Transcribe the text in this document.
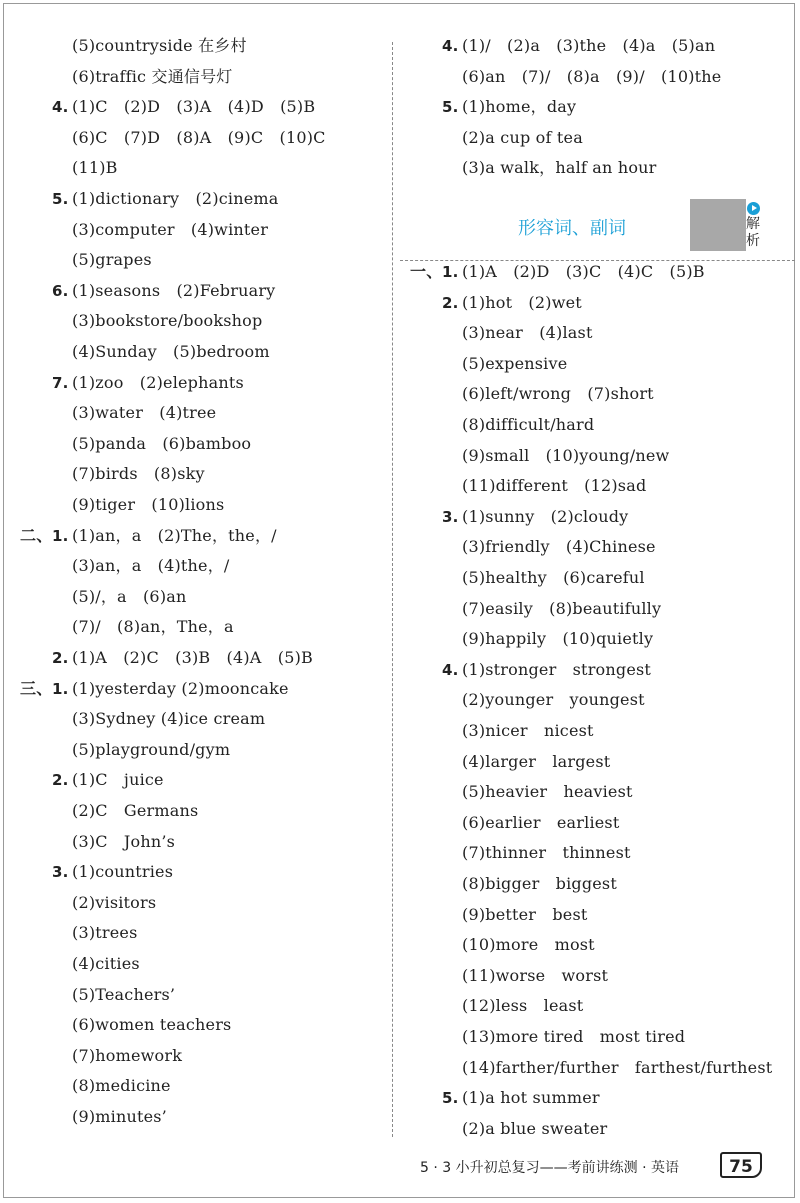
(5)countryside 在乡村
(6)traffic 交通信号灯
4. (1)C　(2)D　(3)A　(4)D　(5)B
(6)C　(7)D　(8)A　(9)C　(10)C
(11)B
5. (1)dictionary　(2)cinema
(3)computer　(4)winter
(5)grapes
6. (1)seasons　(2)February
(3)bookstore/bookshop
(4)Sunday　(5)bedroom
7. (1)zoo　(2)elephants
(3)water　(4)tree
(5)panda　(6)bamboo
(7)birds　(8)sky
(9)tiger　(10)lions
二、 1. (1)an，a　(2)The，the，/
(3)an，a　(4)the，/
(5)/，a　(6)an
(7)/　(8)an，The，a
2. (1)A　(2)C　(3)B　(4)A　(5)B
三、 1. (1)yesterday (2)mooncake
(3)Sydney (4)ice cream
(5)playground/gym
2. (1)C　juice
(2)C　Germans
(3)C　John’s
3. (1)countries
(2)visitors
(3)trees
(4)cities
(5)Teachers’
(6)women teachers
(7)homework
(8)medicine
(9)minutes’
4. (1)/　(2)a　(3)the　(4)a　(5)an
(6)an　(7)/　(8)a　(9)/　(10)the
5. (1)home，day
(2)a cup of tea
(3)a walk，half an hour
解析
形容词、副词
一、 1. (1)A　(2)D　(3)C　(4)C　(5)B
2. (1)hot　(2)wet
(3)near　(4)last
(5)expensive
(6)left/wrong　(7)short
(8)difficult/hard
(9)small　(10)young/new
(11)different　(12)sad
3. (1)sunny　(2)cloudy
(3)friendly　(4)Chinese
(5)healthy　(6)careful
(7)easily　(8)beautifully
(9)happily　(10)quietly
4. (1)stronger　strongest
(2)younger　youngest
(3)nicer　nicest
(4)larger　largest
(5)heavier　heaviest
(6)earlier　earliest
(7)thinner　thinnest
(8)bigger　biggest
(9)better　best
(10)more　most
(11)worse　worst
(12)less　least
(13)more tired　most tired
(14)farther/further　farthest/furthest
5. (1)a hot summer
(2)a blue sweater
5 · 3 小升初总复习——考前讲练测 · 英语	75
